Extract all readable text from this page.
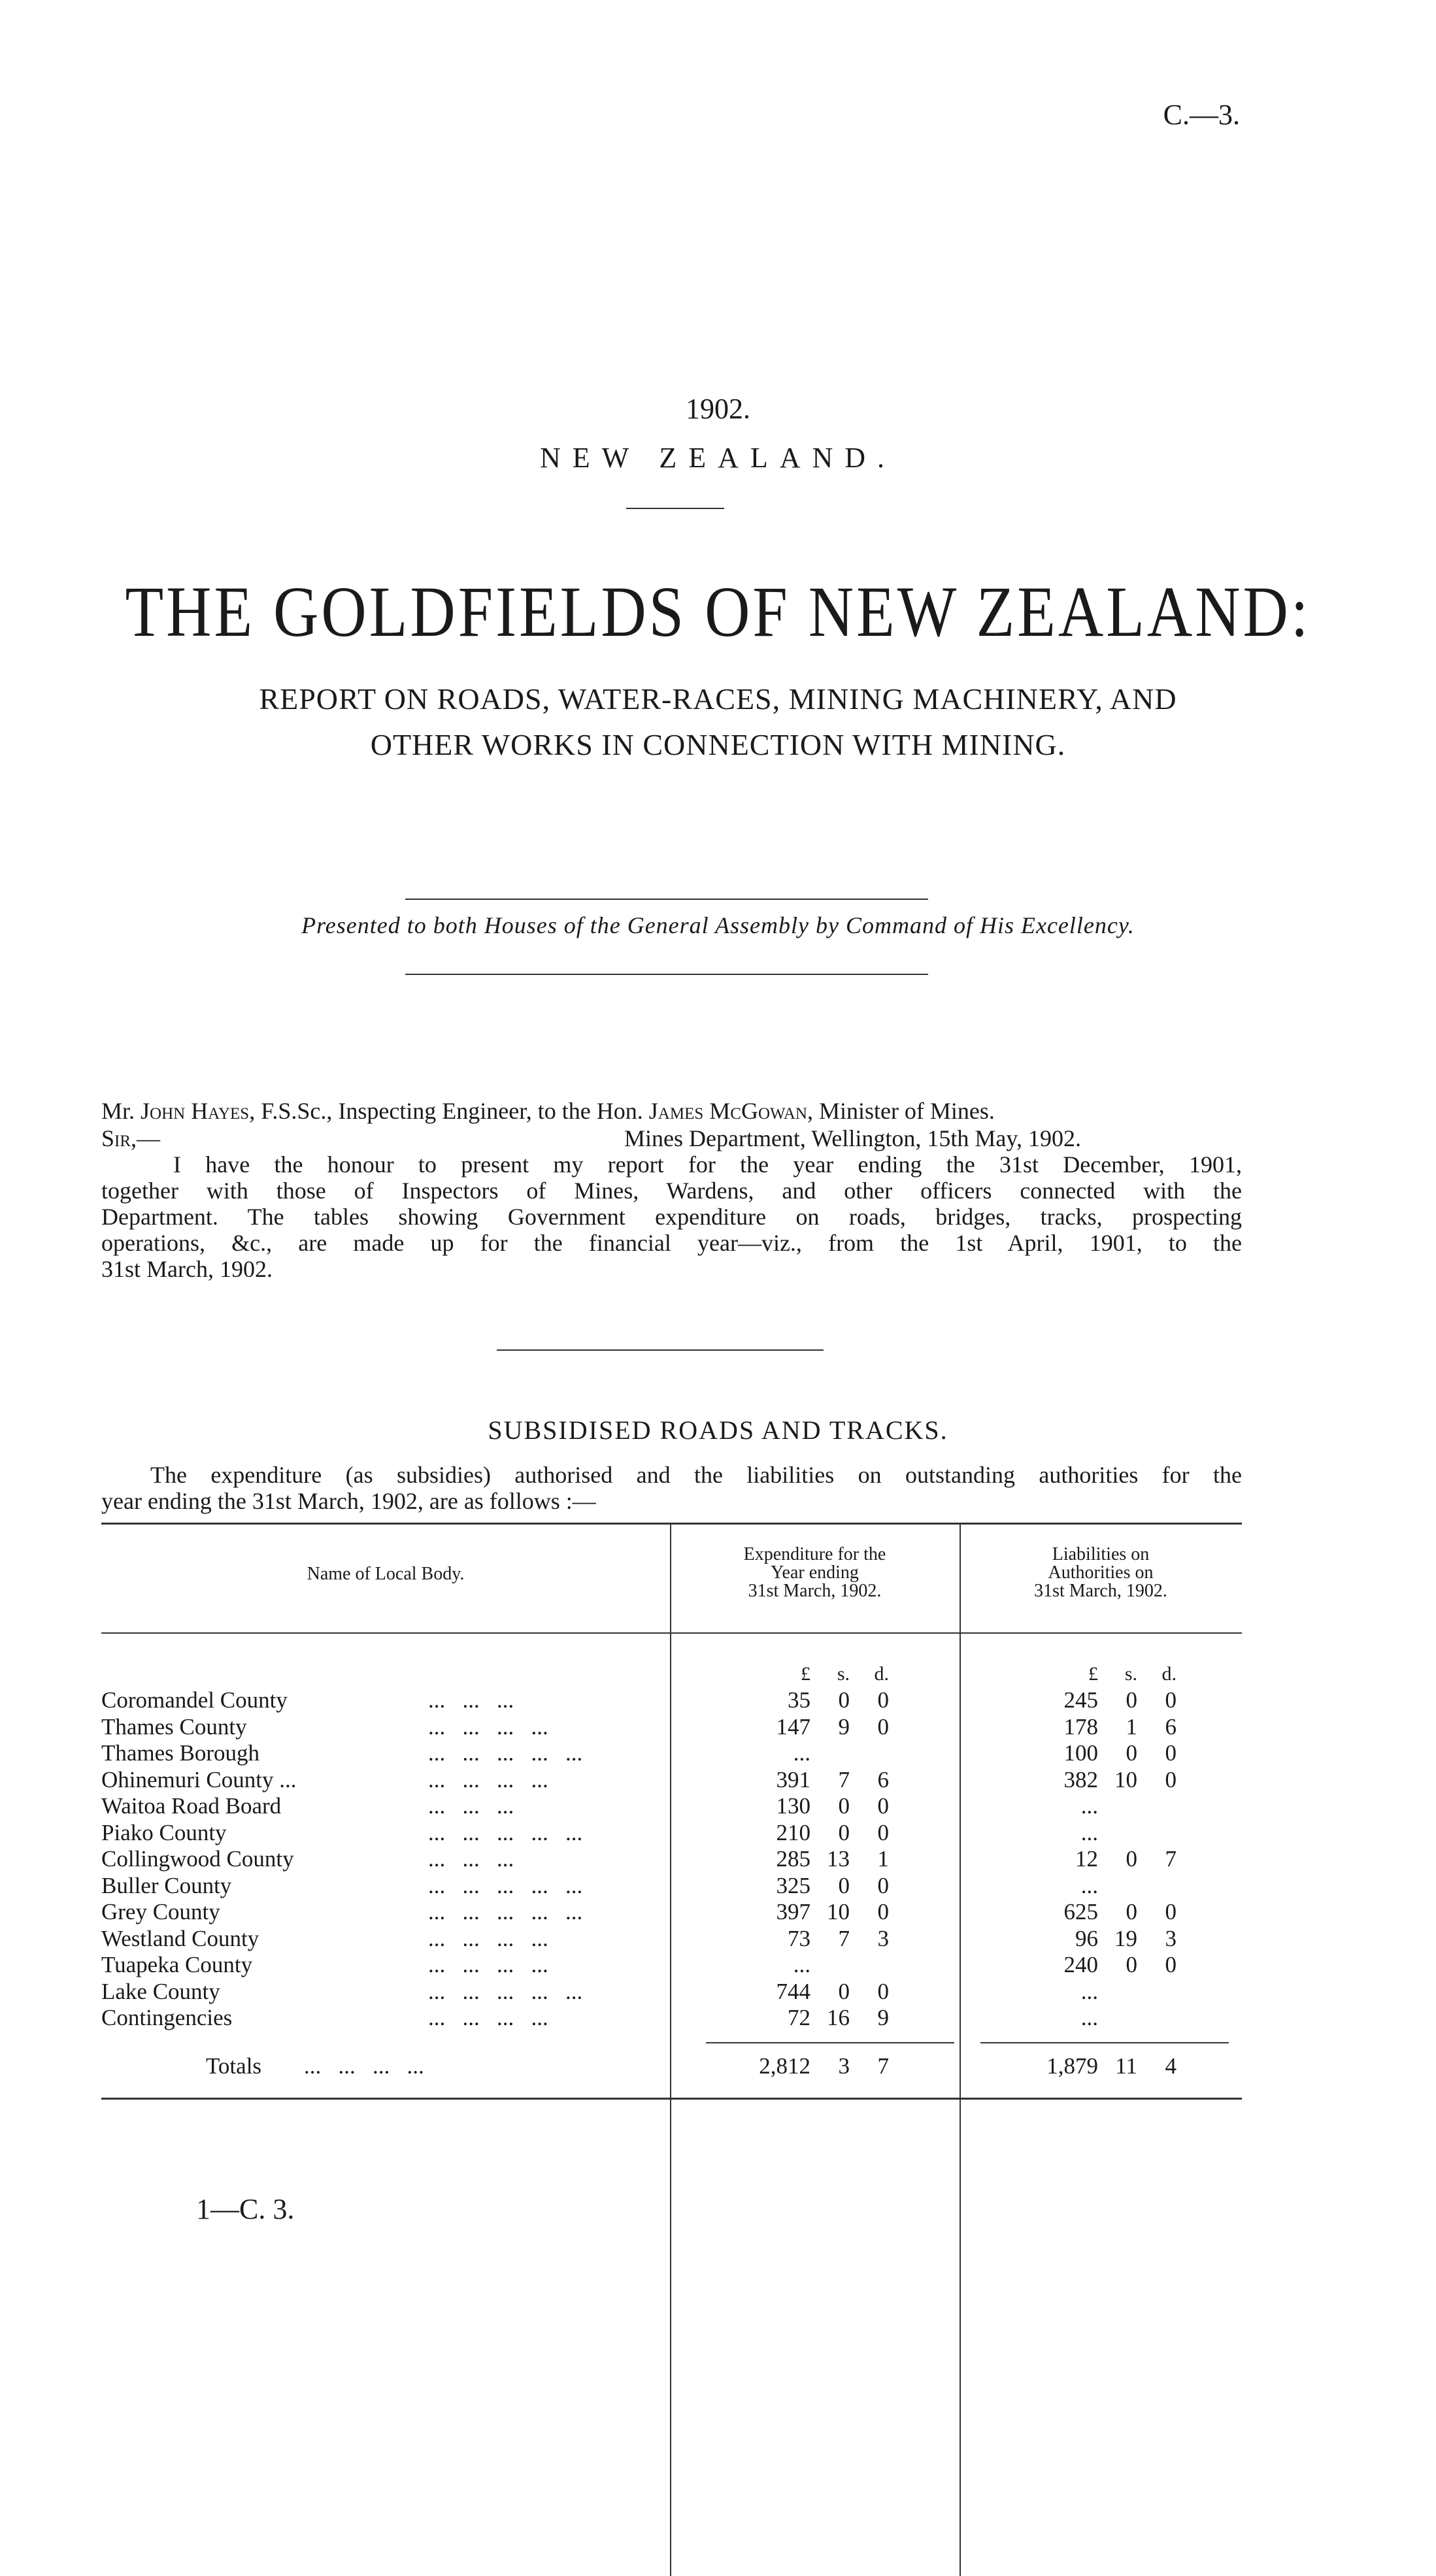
C.—3.
1902.
NEW ZEALAND.
THE GOLDFIELDS OF NEW ZEALAND:
REPORT ON ROADS, WATER-RACES, MINING MACHINERY, AND
OTHER WORKS IN CONNECTION WITH MINING.
Presented to both Houses of the General Assembly by Command of His Excellency.
Mr. John Hayes, F.S.Sc., Inspecting Engineer, to the Hon. James McGowan, Minister of Mines.
Sir,—	Mines Department, Wellington, 15th May, 1902.
I have the honour to present my report for the year ending the 31st December, 1901,
together with those of Inspectors of Mines, Wardens, and other officers connected with the
Department. The tables showing Government expenditure on roads, bridges, tracks, prospecting
operations, &c., are made up for the financial year—viz., from the 1st April, 1901, to the
31st March, 1902.
SUBSIDISED ROADS AND TRACKS.
The expenditure (as subsidies) authorised and the liabilities on outstanding authorities for the
year ending the 31st March, 1902, are as follows :—
Name of Local Body.
Expenditure for the
Year ending
31st March, 1902.
Liabilities on
Authorities on
31st March, 1902.
£	s.	d.	£	s.	d.
Coromandel County	...   ...   ...	35	0	0	245	0	0
Thames County	...   ...   ...   ...	147	9	0	178	1	6
Thames Borough	...   ...   ...   ...   ...	...	100	0	0
Ohinemuri County ...	...   ...   ...   ...	391	7	6	382 10	0
Waitoa Road Board	...   ...   ...	130	0	0	...
Piako County	...   ...   ...   ...   ...	210	0	0	...
Collingwood County	...   ...   ...	285 13	1	12	0	7
Buller County	...   ...   ...   ...   ...	325	0	0	...
Grey County	...   ...   ...   ...   ...	397 10	0	625	0	0
Westland County	...   ...   ...   ...	73	7	3	96 19	3
Tuapeka County	...   ...   ...   ...	...	240	0	0
Lake County	...   ...   ...   ...   ...	744	0	0	...
Contingencies	...   ...   ...   ...	72 16	9	...
Totals ...   ...   ...   ...	2,812	3	7	1,879 11	4
1—C. 3.
